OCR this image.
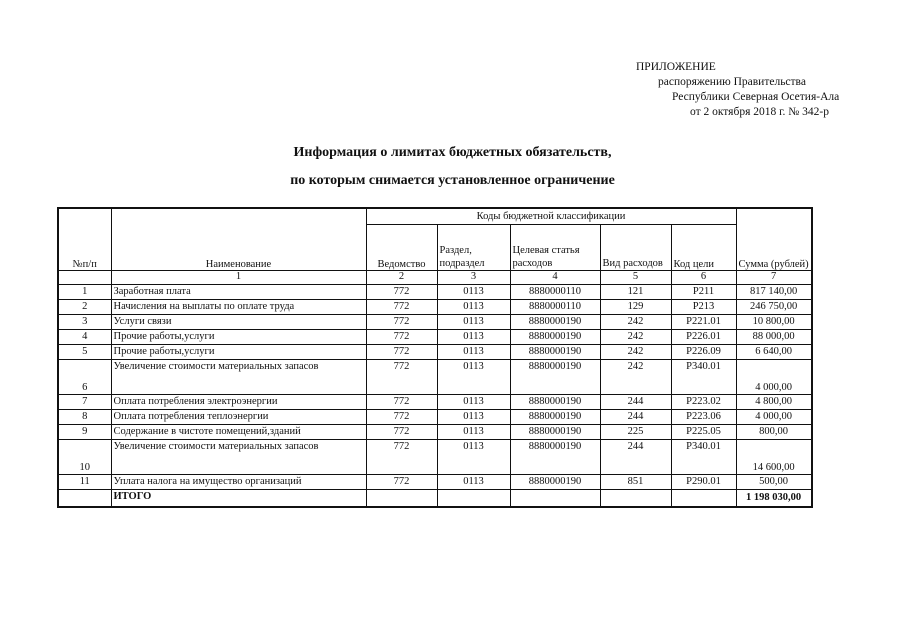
ПРИЛОЖЕНИЕ
распоряжению Правительства
Республики Северная Осетия-Ала
от 2 октября 2018 г. № 342-р
Информация о лимитах бюджетных обязательств,
по которым снимается установленное ограничение
№п/п	Наименование	Коды бюджетной классификации					Сумма (рублей)
		Ведомство	Раздел, подраздел	Целевая статья расходов	Вид расходов	Код цели	
	1	2	3	4	5	6	7
1	Заработная плата	772	0113	8880000110	121	Р211	817 140,00
2	Начисления на выплаты по оплате труда	772	0113	8880000110	129	Р213	246 750,00
3	Услуги связи	772	0113	8880000190	242	Р221.01	10 800,00
4	Прочие работы,услуги	772	0113	8880000190	242	Р226.01	88 000,00
5	Прочие работы,услуги	772	0113	8880000190	242	Р226.09	6 640,00
6	Увеличение стоимости материальных запасов	772	0113	8880000190	242	Р340.01	4 000,00
7	Оплата потребления электроэнергии	772	0113	8880000190	244	Р223.02	4 800,00
8	Оплата потребления теплоэнергии	772	0113	8880000190	244	Р223.06	4 000,00
9	Содержание в чистоте помещений,зданий	772	0113	8880000190	225	Р225.05	800,00
10	Увеличение стоимости материальных запасов	772	0113	8880000190	244	Р340.01	14 600,00
11	Уплата налога на имущество организаций	772	0113	8880000190	851	Р290.01	500,00
	ИТОГО						1 198 030,00
